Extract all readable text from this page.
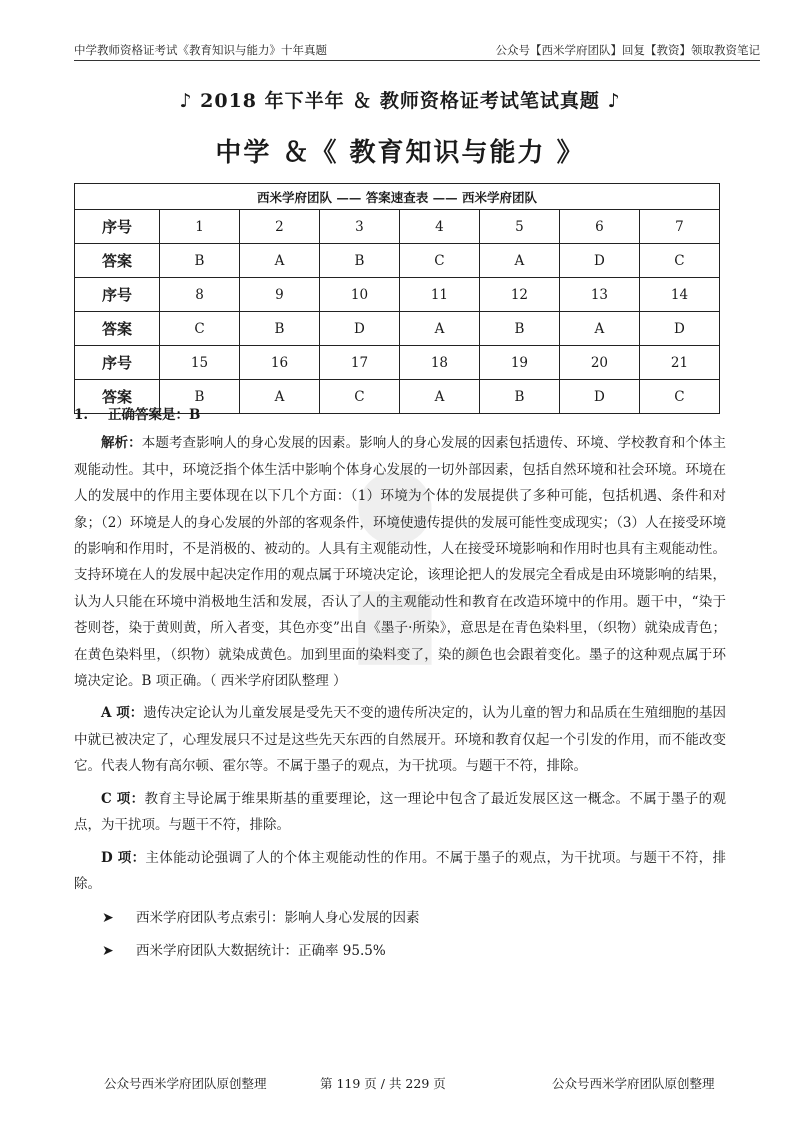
中学教师资格证考试《教育知识与能力》十年真题	公众号【西米学府团队】回复【教资】领取教资笔记
♪ 2018 年下半年 ＆ 教师资格证考试笔试真题 ♪
中学 ＆《 教育知识与能力 》
西米学府团队 —— 答案速查表 —— 西米学府团队							
序号	1	2	3	4	5	6	7
答案	B	A	B	C	A	D	C
序号	8	9	10	11	12	13	14
答案	C	B	D	A	B	A	D
序号	15	16	17	18	19	20	21
答案	B	A	C	A	B	D	C
●
■

1. 正确答案是：B

解析：本题考查影响人的身心发展的因素。影响人的身心发展的因素包括遗传、环境、学校教育和个体主观能动性。其中，环境泛指个体生活中影响个体身心发展的一切外部因素，包括自然环境和社会环境。环境在人的发展中的作用主要体现在以下几个方面：（1）环境为个体的发展提供了多种可能，包括机遇、条件和对象；（2）环境是人的身心发展的外部的客观条件，环境使遗传提供的发展可能性变成现实；（3）人在接受环境的影响和作用时，不是消极的、被动的。人具有主观能动性，人在接受环境影响和作用时也具有主观能动性。支持环境在人的发展中起决定作用的观点属于环境决定论，该理论把人的发展完全看成是由环境影响的结果，认为人只能在环境中消极地生活和发展，否认了人的主观能动性和教育在改造环境中的作用。题干中，“染于苍则苍，染于黄则黄，所入者变，其色亦变”出自《墨子·所染》，意思是在青色染料里，（织物）就染成青色；在黄色染料里，（织物）就染成黄色。加到里面的染料变了，染的颜色也会跟着变化。墨子的这种观点属于环境决定论。B 项正确。（ 西米学府团队整理 ）

A 项：遗传决定论认为儿童发展是受先天不变的遗传所决定的，认为儿童的智力和品质在生殖细胞的基因中就已被决定了，心理发展只不过是这些先天东西的自然展开。环境和教育仅起一个引发的作用，而不能改变它。代表人物有高尔顿、霍尔等。不属于墨子的观点，为干扰项。与题干不符，排除。

C 项：教育主导论属于维果斯基的重要理论，这一理论中包含了最近发展区这一概念。不属于墨子的观点，为干扰项。与题干不符，排除。

D 项：主体能动论强调了人的个体主观能动性的作用。不属于墨子的观点，为干扰项。与题干不符，排除。

➤ 西米学府团队考点索引：影响人身心发展的因素
➤ 西米学府团队大数据统计：正确率 95.5%
公众号西米学府团队原创整理	第 119 页 / 共 229 页	公众号西米学府团队原创整理
